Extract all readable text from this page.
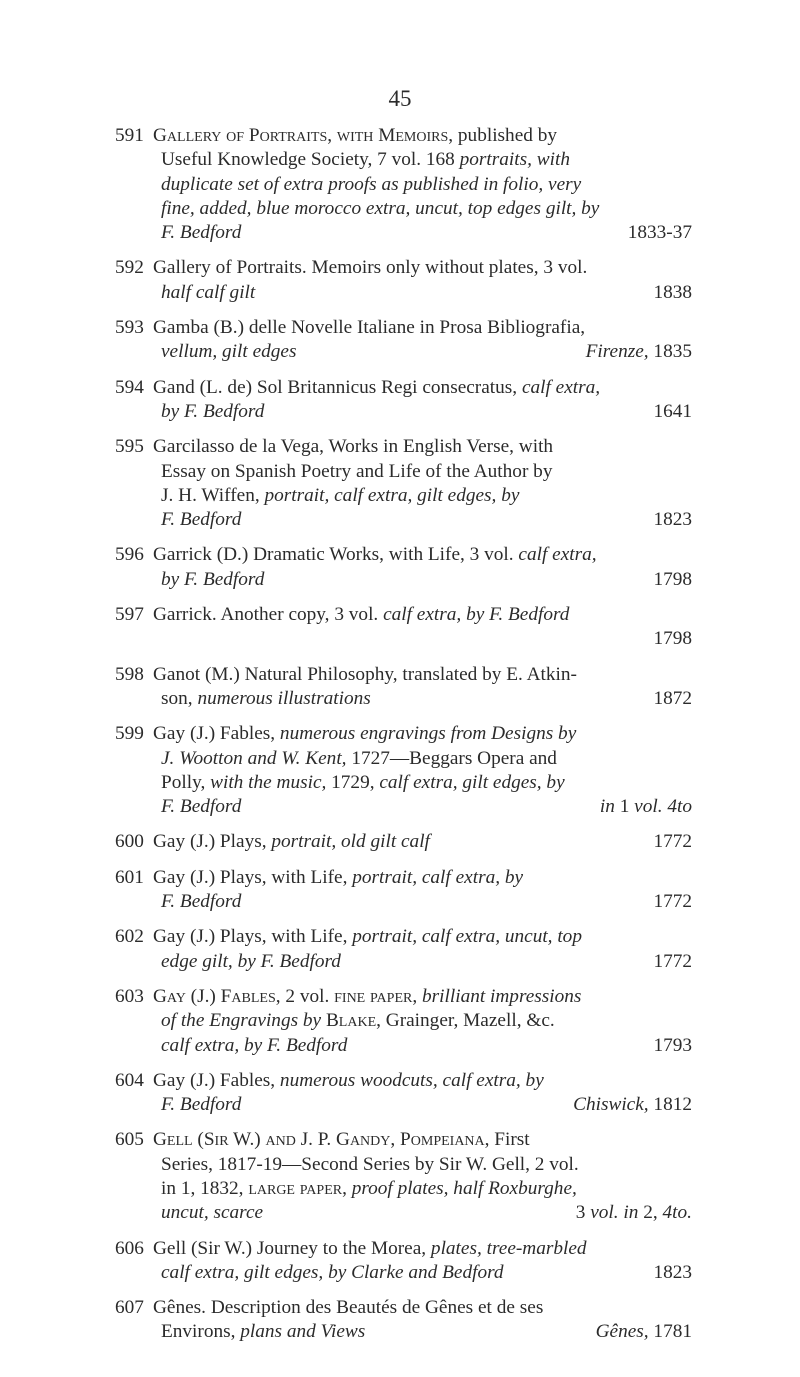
45
591 Gallery of Portraits, with Memoirs, published by
Useful Knowledge Society, 7 vol. 168 portraits, with
duplicate set of extra proofs as published in folio, very
fine, added, blue morocco extra, uncut, top edges gilt, by
F. Bedford	1833-37
592 Gallery of Portraits. Memoirs only without plates, 3 vol.
half calf gilt	1838
593 Gamba (B.) delle Novelle Italiane in Prosa Bibliografia,
vellum, gilt edges	Firenze, 1835
594 Gand (L. de) Sol Britannicus Regi consecratus, calf extra,
by F. Bedford	1641
595 Garcilasso de la Vega, Works in English Verse, with
Essay on Spanish Poetry and Life of the Author by
J. H. Wiffen, portrait, calf extra, gilt edges, by
F. Bedford	1823
596 Garrick (D.) Dramatic Works, with Life, 3 vol. calf extra,
by F. Bedford	1798
597 Garrick. Another copy, 3 vol. calf extra, by F. Bedford
1798
598 Ganot (M.) Natural Philosophy, translated by E. Atkin-
son, numerous illustrations	1872
599 Gay (J.) Fables, numerous engravings from Designs by
J. Wootton and W. Kent, 1727—Beggars Opera and
Polly, with the music, 1729, calf extra, gilt edges, by
F. Bedford	in 1 vol. 4to
600 Gay (J.) Plays, portrait, old gilt calf	1772
601 Gay (J.) Plays, with Life, portrait, calf extra, by
F. Bedford	1772
602 Gay (J.) Plays, with Life, portrait, calf extra, uncut, top
edge gilt, by F. Bedford	1772
603 Gay (J.) Fables, 2 vol. fine paper, brilliant impressions
of the Engravings by Blake, Grainger, Mazell, &c.
calf extra, by F. Bedford	1793
604 Gay (J.) Fables, numerous woodcuts, calf extra, by
F. Bedford	Chiswick, 1812
605 Gell (Sir W.) and J. P. Gandy, Pompeiana, First
Series, 1817-19—Second Series by Sir W. Gell, 2 vol.
in 1, 1832, large paper, proof plates, half Roxburghe,
uncut, scarce	3 vol. in 2, 4to.
606 Gell (Sir W.) Journey to the Morea, plates, tree-marbled
calf extra, gilt edges, by Clarke and Bedford	1823
607 Gênes. Description des Beautés de Gênes et de ses
Environs, plans and Views	Gênes, 1781
